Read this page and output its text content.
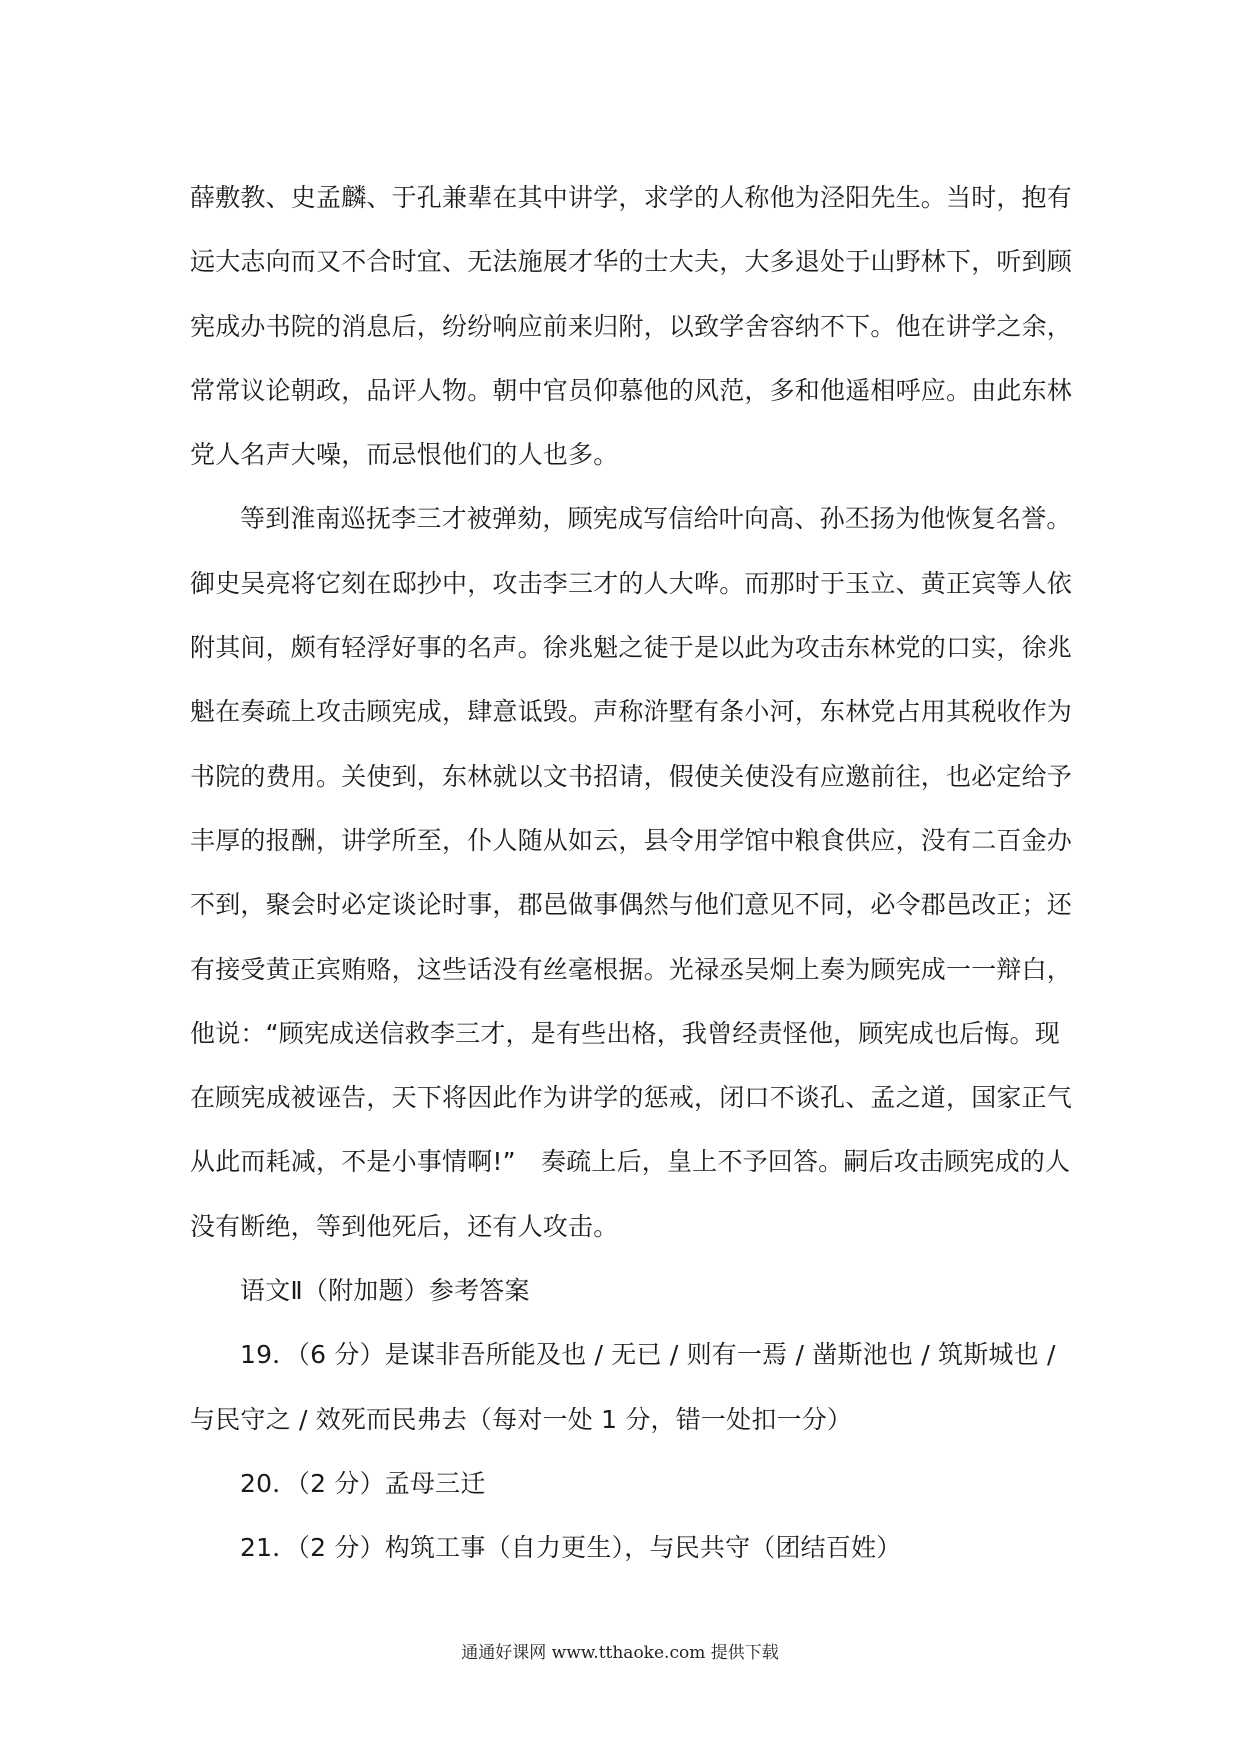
薛敷教、史孟麟、于孔兼辈在其中讲学，求学的人称他为泾阳先生。当时，抱有
远大志向而又不合时宜、无法施展才华的士大夫，大多退处于山野林下，听到顾
宪成办书院的消息后，纷纷响应前来归附，以致学舍容纳不下。他在讲学之余，
常常议论朝政，品评人物。朝中官员仰慕他的风范，多和他遥相呼应。由此东林
党人名声大噪，而忌恨他们的人也多。
等到淮南巡抚李三才被弹劾，顾宪成写信给叶向高、孙丕扬为他恢复名誉。
御史吴亮将它刻在邸抄中，攻击李三才的人大哗。而那时于玉立、黄正宾等人依
附其间，颇有轻浮好事的名声。徐兆魁之徒于是以此为攻击东林党的口实，徐兆
魁在奏疏上攻击顾宪成，肆意诋毁。声称浒墅有条小河，东林党占用其税收作为
书院的费用。关使到，东林就以文书招请，假使关使没有应邀前往，也必定给予
丰厚的报酬，讲学所至，仆人随从如云，县令用学馆中粮食供应，没有二百金办
不到，聚会时必定谈论时事，郡邑做事偶然与他们意见不同，必令郡邑改正；还
有接受黄正宾贿赂，这些话没有丝毫根据。光禄丞吴炯上奏为顾宪成一一辩白，
他说：“顾宪成送信救李三才，是有些出格，我曾经责怪他，顾宪成也后悔。现
在顾宪成被诬告，天下将因此作为讲学的惩戒，闭口不谈孔、孟之道，国家正气
从此而耗减，不是小事情啊!”　奏疏上后，皇上不予回答。嗣后攻击顾宪成的人
没有断绝，等到他死后，还有人攻击。
语文Ⅱ（附加题）参考答案
19．（6 分）是谋非吾所能及也 / 无已 / 则有一焉 / 凿斯池也 / 筑斯城也 /
与民守之 / 效死而民弗去（每对一处 1 分，错一处扣一分）
20．（2 分）孟母三迁
21．（2 分）构筑工事（自力更生），与民共守（团结百姓）
通通好课网 www.tthaoke.com 提供下载
